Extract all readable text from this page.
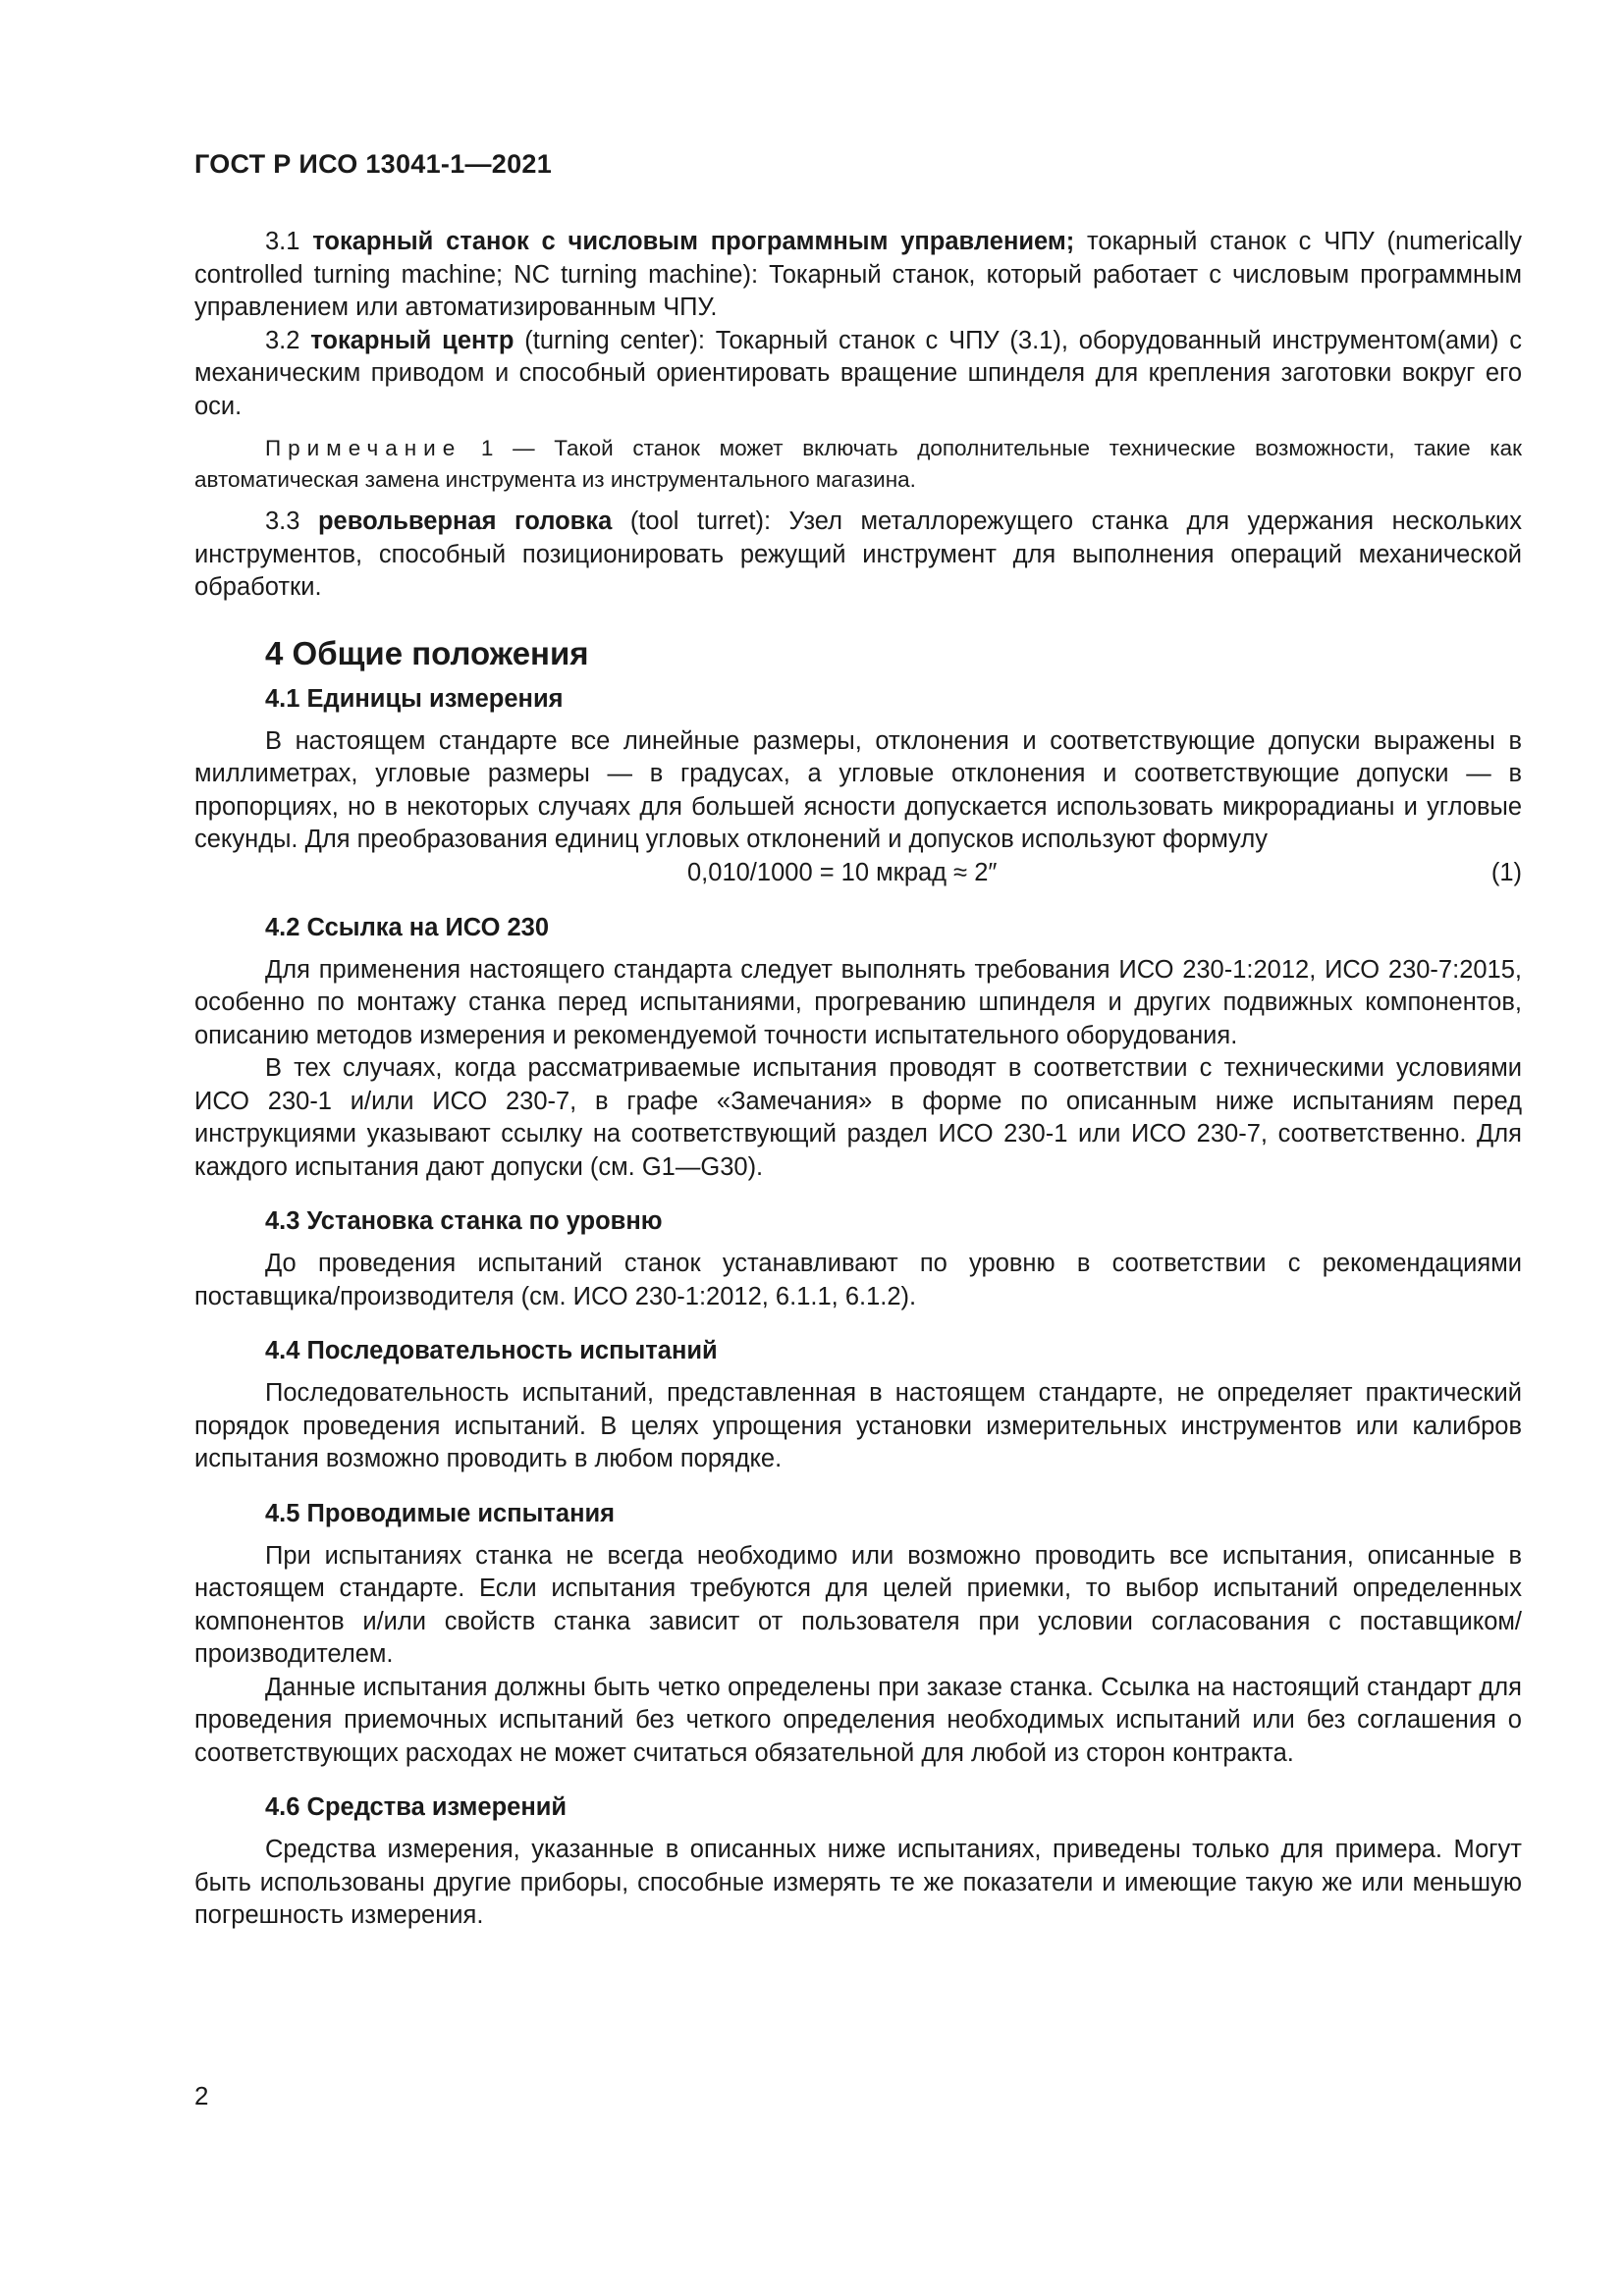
ГОСТ Р ИСО 13041-1—2021

3.1 токарный станок с числовым программным управлением; токарный станок с ЧПУ (numerically controlled turning machine; NC turning machine): Токарный станок, который работает с числовым программным управлением или автоматизированным ЧПУ.

3.2 токарный центр (turning center): Токарный станок с ЧПУ (3.1), оборудованный инструментом(ами) с механическим приводом и способный ориентировать вращение шпинделя для крепления заготовки вокруг его оси.

Примечание 1 — Такой станок может включать дополнительные технические возможности, такие как автоматическая замена инструмента из инструментального магазина.

3.3 револьверная головка (tool turret): Узел металлорежущего станка для удержания нескольких инструментов, способный позиционировать режущий инструмент для выполнения операций механической обработки.

4 Общие положения
4.1 Единицы измерения

В настоящем стандарте все линейные размеры, отклонения и соответствующие допуски выражены в миллиметрах, угловые размеры — в градусах, а угловые отклонения и соответствующие допуски — в пропорциях, но в некоторых случаях для большей ясности допускается использовать микрорадианы и угловые секунды. Для преобразования единиц угловых отклонений и допусков используют формулу

0,010/1000 = 10 мкрад ≈ 2″	(1)
4.2 Ссылка на ИСО 230

Для применения настоящего стандарта следует выполнять требования ИСО 230-1:2012, ИСО 230-7:2015, особенно по монтажу станка перед испытаниями, прогреванию шпинделя и других подвижных компонентов, описанию методов измерения и рекомендуемой точности испытательного оборудования.

В тех случаях, когда рассматриваемые испытания проводят в соответствии с техническими условиями ИСО 230-1 и/или ИСО 230-7, в графе «Замечания» в форме по описанным ниже испытаниям перед инструкциями указывают ссылку на соответствующий раздел ИСО 230-1 или ИСО 230-7, соответственно. Для каждого испытания дают допуски (см. G1—G30).

4.3 Установка станка по уровню

До проведения испытаний станок устанавливают по уровню в соответствии с рекомендациями поставщика/производителя (см. ИСО 230-1:2012, 6.1.1, 6.1.2).

4.4 Последовательность испытаний

Последовательность испытаний, представленная в настоящем стандарте, не определяет практический порядок проведения испытаний. В целях упрощения установки измерительных инструментов или калибров испытания возможно проводить в любом порядке.

4.5 Проводимые испытания

При испытаниях станка не всегда необходимо или возможно проводить все испытания, описанные в настоящем стандарте. Если испытания требуются для целей приемки, то выбор испытаний определенных компонентов и/или свойств станка зависит от пользователя при условии согласования с поставщиком/производителем.

Данные испытания должны быть четко определены при заказе станка. Ссылка на настоящий стандарт для проведения приемочных испытаний без четкого определения необходимых испытаний или без соглашения о соответствующих расходах не может считаться обязательной для любой из сторон контракта.

4.6 Средства измерений

Средства измерения, указанные в описанных ниже испытаниях, приведены только для примера. Могут быть использованы другие приборы, способные измерять те же показатели и имеющие такую же или меньшую погрешность измерения.

2
